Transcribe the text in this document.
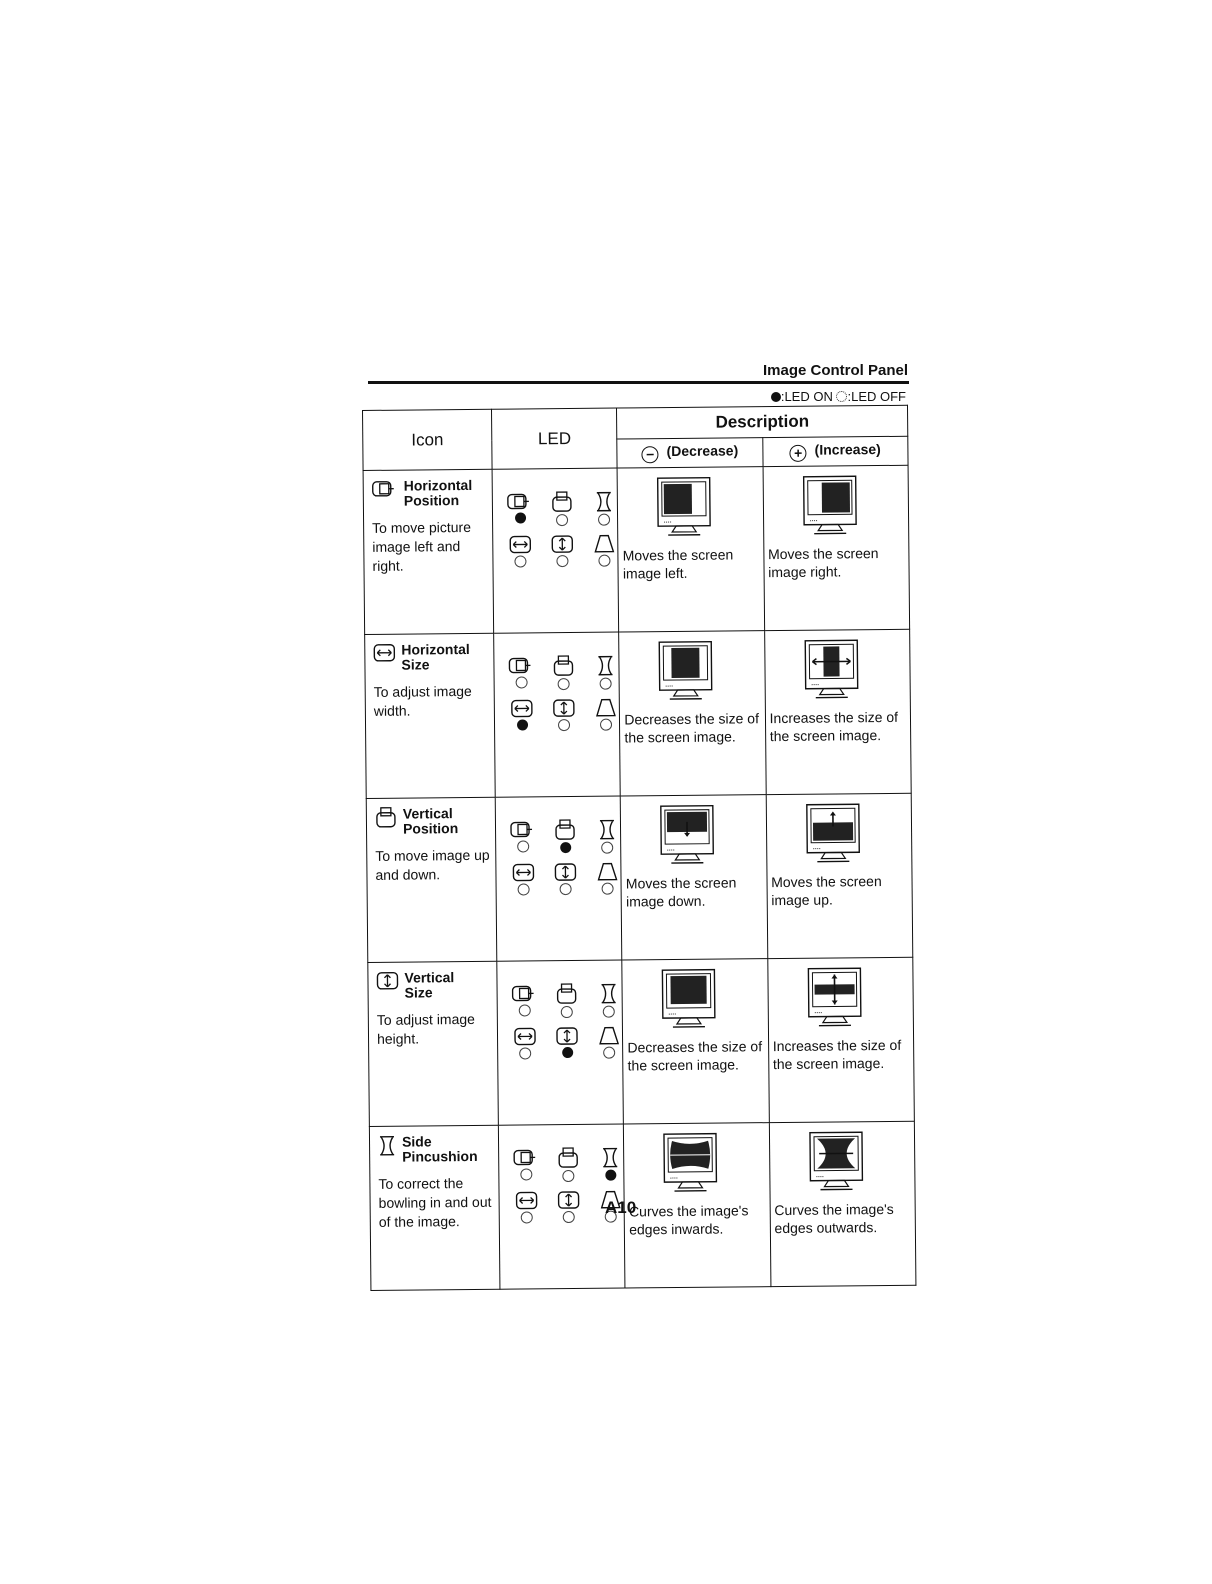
Image Control Panel
:LED ON :LED OFF
Icon	LED	Description	
		− (Decrease)	+ (Increase)

Horizontal
Position
To move picture image left and right.		Moves the screen image left.	Moves the screen image right.

Horizontal
Size
To adjust image width.		Decreases the size of the screen image.	Increases the size of the screen image.

Vertical
Position
To move image up and down.		Moves the screen image down.	Moves the screen image up.

Vertical
Size
To adjust image height.		Decreases the size of the screen image.	Increases the size of the screen image.

Side
Pincushion
To correct the bowling in and out of the image.		Curves the image's edges inwards.	Curves the image's edges outwards.
A10
